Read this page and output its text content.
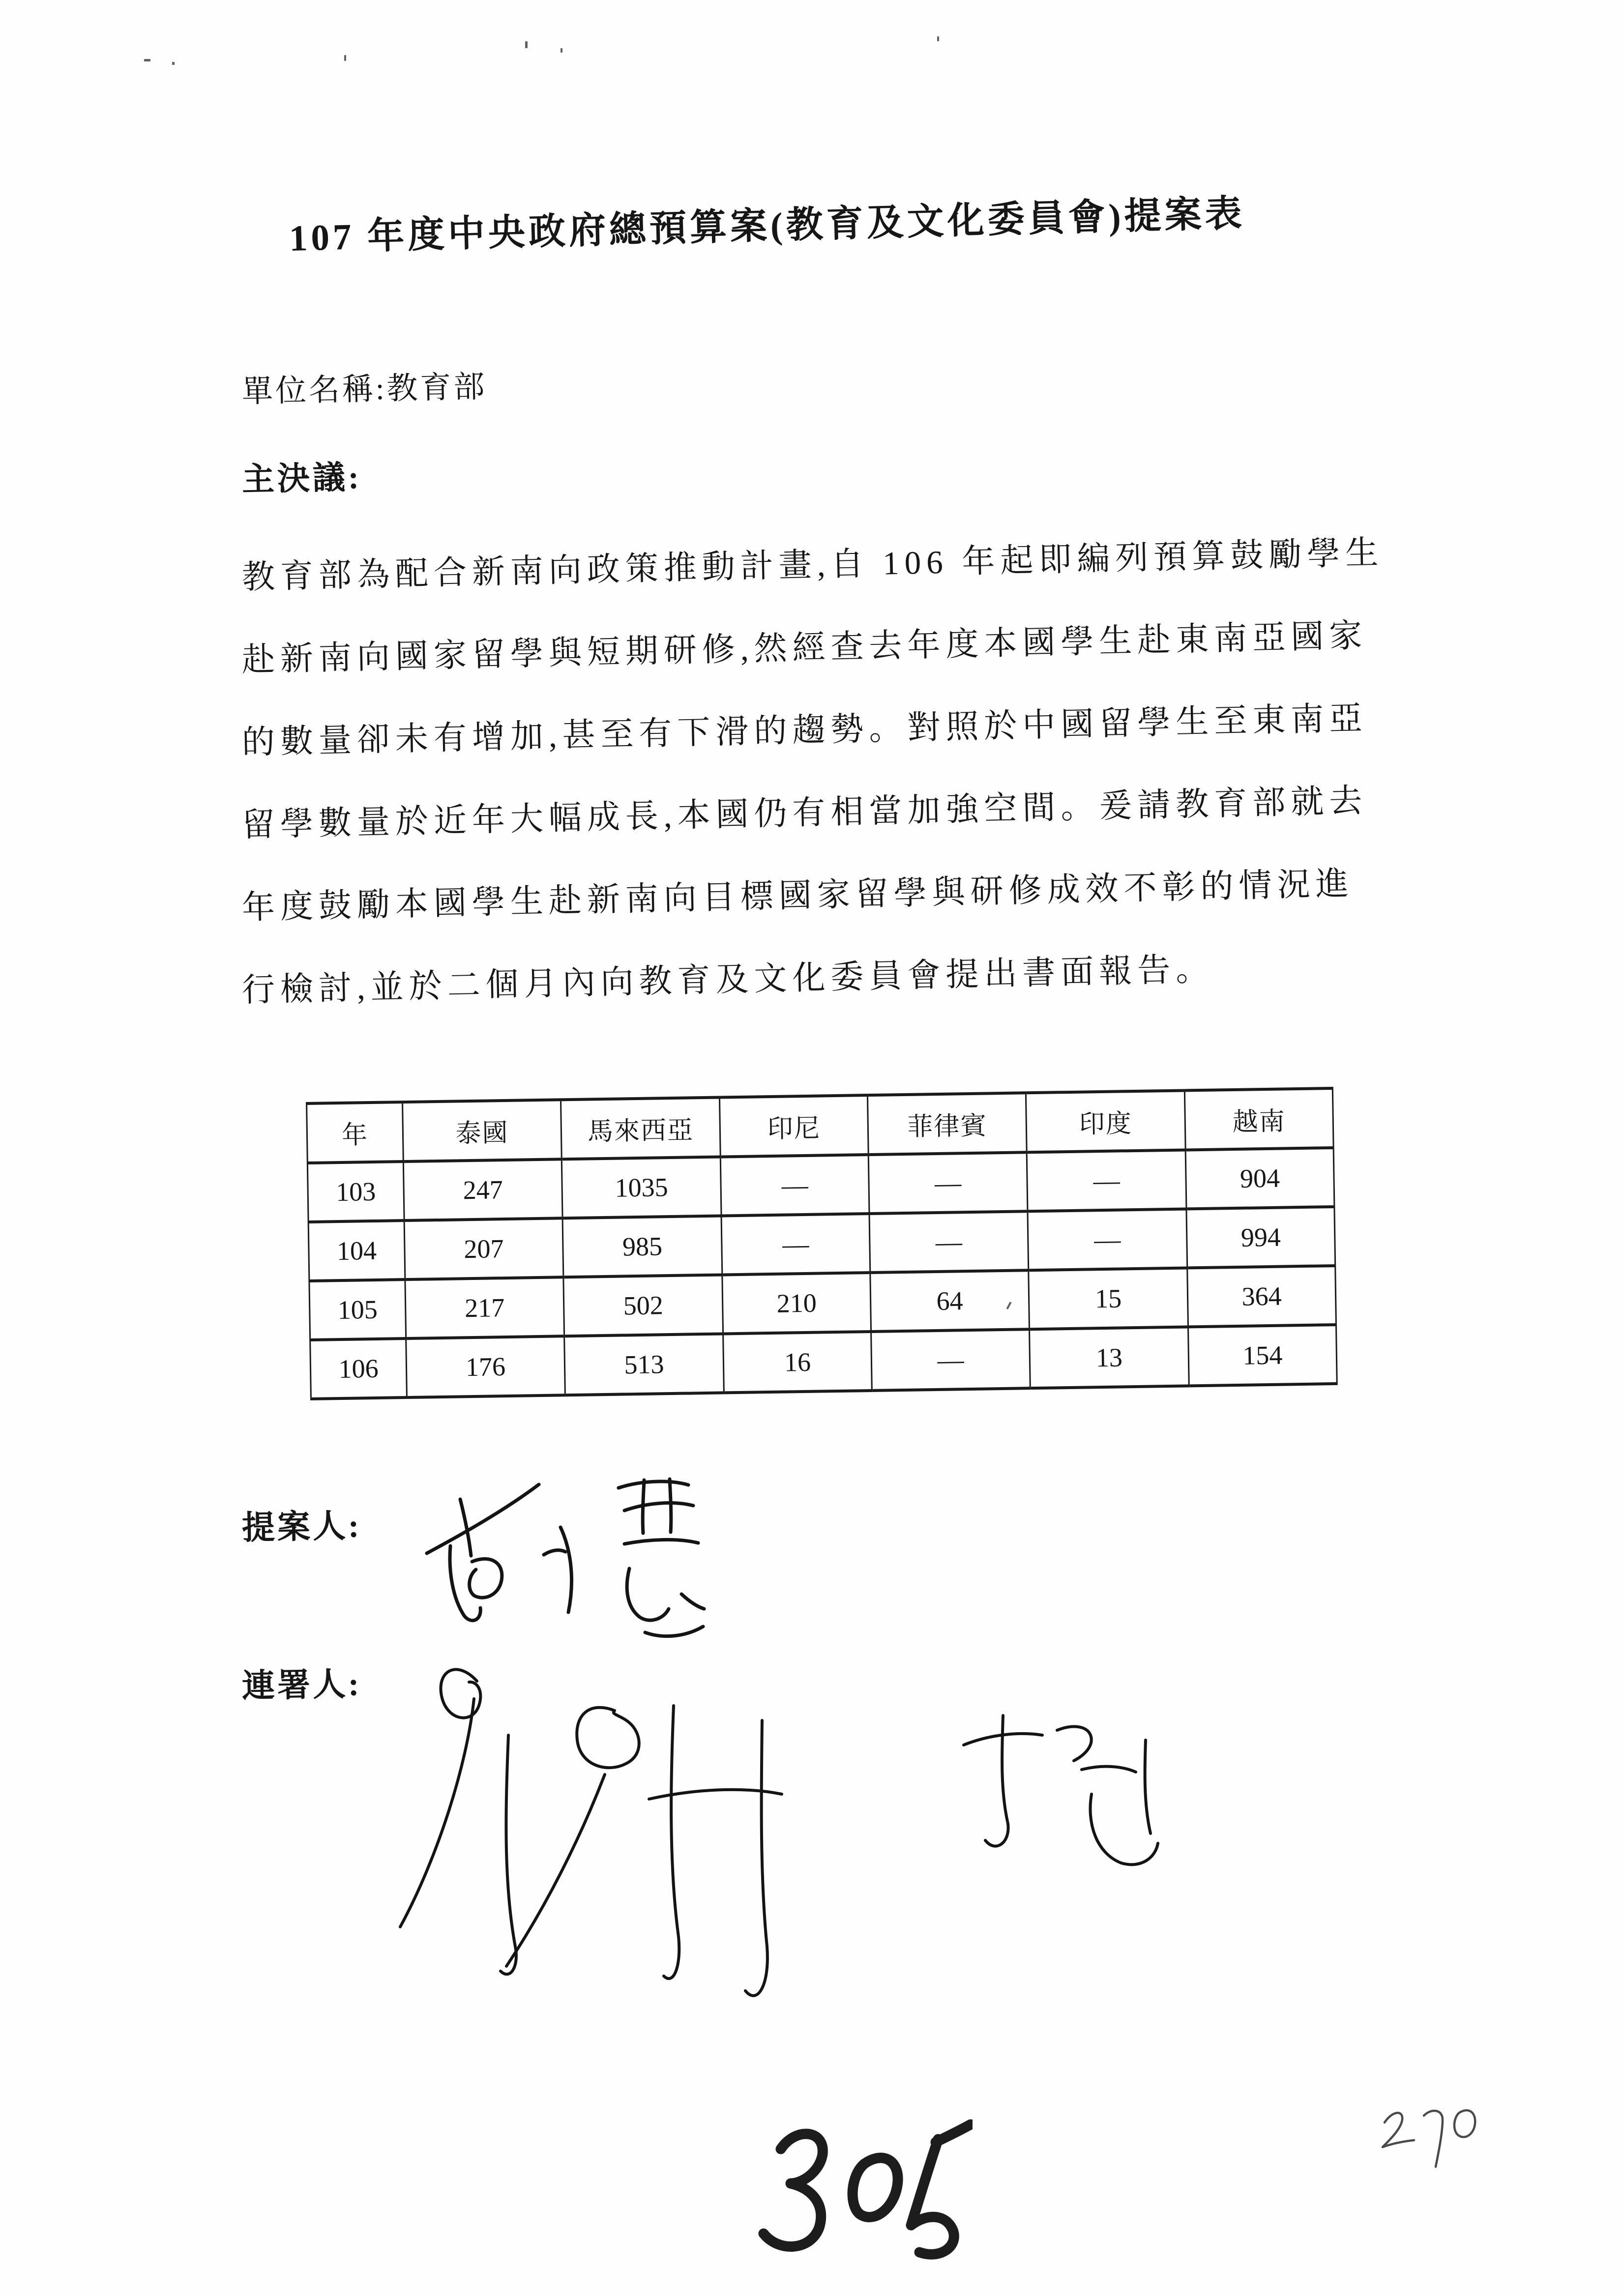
107 年度中央政府總預算案(教育及文化委員會)提案表
單位名稱:教育部
主決議:
教育部為配合新南向政策推動計畫,自 106 年起即編列預算鼓勵學生
赴新南向國家留學與短期研修,然經查去年度本國學生赴東南亞國家
的數量卻未有增加,甚至有下滑的趨勢。對照於中國留學生至東南亞
留學數量於近年大幅成長,本國仍有相當加強空間。爰請教育部就去
年度鼓勵本國學生赴新南向目標國家留學與研修成效不彰的情況進
行檢討,並於二個月內向教育及文化委員會提出書面報告。
年	泰國	馬來西亞	印尼	菲律賓	印度	越南
103	247	1035	—	—	—	904
104	207	985	—	—	—	994
105	217	502	210	64	15	364
106	176	513	16	—	13	154
提案人:
連署人:
